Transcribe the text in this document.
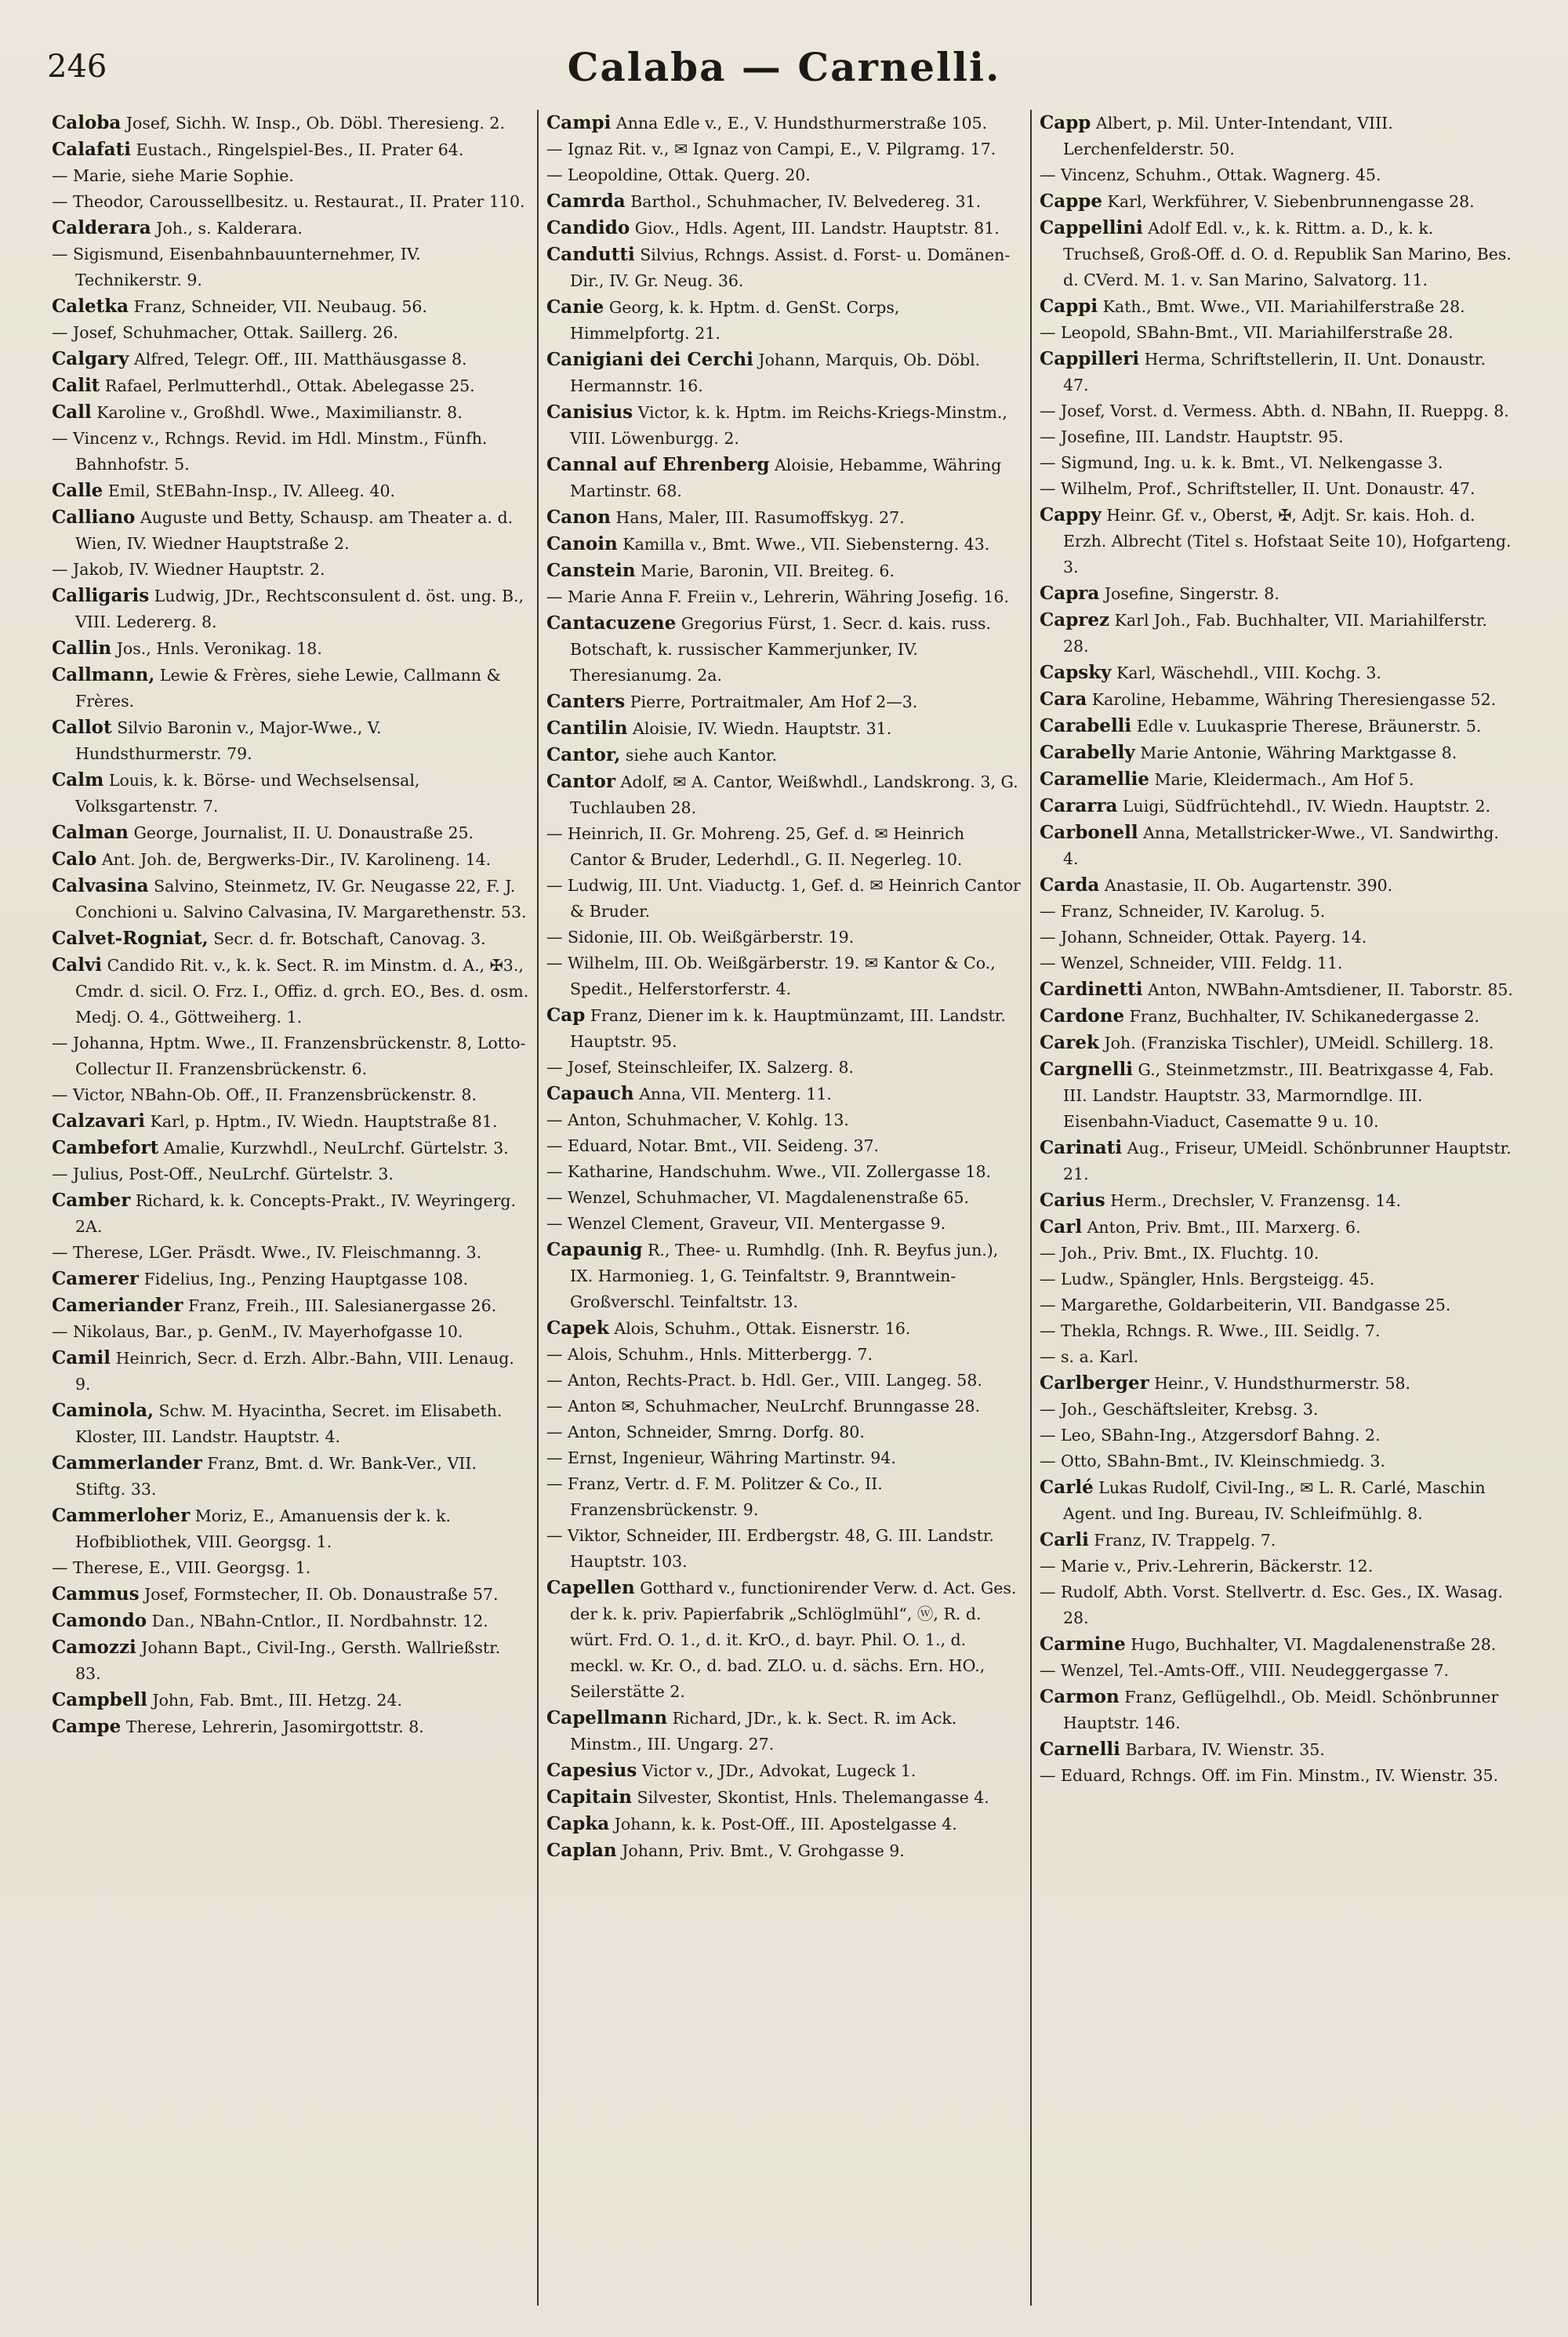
246	Calaba — Carnelli.

Caloba Josef, Sichh. W. Insp., Ob. Döbl. Theresieng. 2.

Calafati Eustach., Ringelspiel-Bes., II. Prater 64.

— Marie, siehe Marie Sophie.

— Theodor, Caroussellbesitz. u. Restaurat., II. Prater 110.

Calderara Joh., s. Kalderara.

— Sigismund, Eisenbahnbauunternehmer, IV. Technikerstr. 9.

Caletka Franz, Schneider, VII. Neubaug. 56.

— Josef, Schuhmacher, Ottak. Saillerg. 26.

Calgary Alfred, Telegr. Off., III. Matthäusgasse 8.

Calit Rafael, Perlmutterhdl., Ottak. Abelegasse 25.

Call Karoline v., Großhdl. Wwe., Maximilianstr. 8.

— Vincenz v., Rchngs. Revid. im Hdl. Minstm., Fünfh. Bahnhofstr. 5.

Calle Emil, StEBahn-Insp., IV. Alleeg. 40.

Calliano Auguste und Betty, Schausp. am Theater a. d. Wien, IV. Wiedner Hauptstraße 2.

— Jakob, IV. Wiedner Hauptstr. 2.

Calligaris Ludwig, JDr., Rechtsconsulent d. öst. ung. B., VIII. Ledererg. 8.

Callin Jos., Hnls. Veronikag. 18.

Callmann, Lewie & Frères, siehe Lewie, Callmann & Frères.

Callot Silvio Baronin v., Major-Wwe., V. Hundsthurmerstr. 79.

Calm Louis, k. k. Börse- und Wechselsensal, Volksgartenstr. 7.

Calman George, Journalist, II. U. Donaustraße 25.

Calo Ant. Joh. de, Bergwerks-Dir., IV. Karolineng. 14.

Calvasina Salvino, Steinmetz, IV. Gr. Neugasse 22, F. J. Conchioni u. Salvino Calvasina, IV. Margarethenstr. 53.

Calvet-Rogniat, Secr. d. fr. Botschaft, Canovag. 3.

Calvi Candido Rit. v., k. k. Sect. R. im Minstm. d. A., ✠3., Cmdr. d. sicil. O. Frz. I., Offiz. d. grch. EO., Bes. d. osm. Medj. O. 4., Göttweiherg. 1.

— Johanna, Hptm. Wwe., II. Franzensbrückenstr. 8, Lotto-Collectur II. Franzensbrückenstr. 6.

— Victor, NBahn-Ob. Off., II. Franzensbrückenstr. 8.

Calzavari Karl, p. Hptm., IV. Wiedn. Hauptstraße 81.

Cambefort Amalie, Kurzwhdl., NeuLrchf. Gürtelstr. 3.

— Julius, Post-Off., NeuLrchf. Gürtelstr. 3.

Camber Richard, k. k. Concepts-Prakt., IV. Weyringerg. 2A.

— Therese, LGer. Präsdt. Wwe., IV. Fleischmanng. 3.

Camerer Fidelius, Ing., Penzing Hauptgasse 108.

Cameriander Franz, Freih., III. Salesianergasse 26.

— Nikolaus, Bar., p. GenM., IV. Mayerhofgasse 10.

Camil Heinrich, Secr. d. Erzh. Albr.-Bahn, VIII. Lenaug. 9.

Caminola, Schw. M. Hyacintha, Secret. im Elisabeth. Kloster, III. Landstr. Hauptstr. 4.

Cammerlander Franz, Bmt. d. Wr. Bank-Ver., VII. Stiftg. 33.

Cammerloher Moriz, E., Amanuensis der k. k. Hofbibliothek, VIII. Georgsg. 1.

— Therese, E., VIII. Georgsg. 1.

Cammus Josef, Formstecher, II. Ob. Donaustraße 57.

Camondo Dan., NBahn-Cntlor., II. Nordbahnstr. 12.

Camozzi Johann Bapt., Civil-Ing., Gersth. Wallrießstr. 83.

Campbell John, Fab. Bmt., III. Hetzg. 24.

Campe Therese, Lehrerin, Jasomirgottstr. 8.

Campi Anna Edle v., E., V. Hundsthurmerstraße 105.

— Ignaz Rit. v., ✉ Ignaz von Campi, E., V. Pilgramg. 17.

— Leopoldine, Ottak. Querg. 20.

Camrda Barthol., Schuhmacher, IV. Belvedereg. 31.

Candido Giov., Hdls. Agent, III. Landstr. Hauptstr. 81.

Candutti Silvius, Rchngs. Assist. d. Forst- u. Domänen-Dir., IV. Gr. Neug. 36.

Canie Georg, k. k. Hptm. d. GenSt. Corps, Himmelpfortg. 21.

Canigiani dei Cerchi Johann, Marquis, Ob. Döbl. Hermannstr. 16.

Canisius Victor, k. k. Hptm. im Reichs-Kriegs-Minstm., VIII. Löwenburgg. 2.

Cannal auf Ehrenberg Aloisie, Hebamme, Währing Martinstr. 68.

Canon Hans, Maler, III. Rasumoffskyg. 27.

Canoin Kamilla v., Bmt. Wwe., VII. Siebensterng. 43.

Canstein Marie, Baronin, VII. Breiteg. 6.

— Marie Anna F. Freiin v., Lehrerin, Währing Josefig. 16.

Cantacuzene Gregorius Fürst, 1. Secr. d. kais. russ. Botschaft, k. russischer Kammerjunker, IV. Theresianumg. 2a.

Canters Pierre, Portraitmaler, Am Hof 2—3.

Cantilin Aloisie, IV. Wiedn. Hauptstr. 31.

Cantor, siehe auch Kantor.

Cantor Adolf, ✉ A. Cantor, Weißwhdl., Landskrong. 3, G. Tuchlauben 28.

— Heinrich, II. Gr. Mohreng. 25, Gef. d. ✉ Heinrich Cantor & Bruder, Lederhdl., G. II. Negerleg. 10.

— Ludwig, III. Unt. Viaductg. 1, Gef. d. ✉ Heinrich Cantor & Bruder.

— Sidonie, III. Ob. Weißgärberstr. 19.

— Wilhelm, III. Ob. Weißgärberstr. 19. ✉ Kantor & Co., Spedit., Helferstorferstr. 4.

Cap Franz, Diener im k. k. Hauptmünzamt, III. Landstr. Hauptstr. 95.

— Josef, Steinschleifer, IX. Salzerg. 8.

Capauch Anna, VII. Menterg. 11.

— Anton, Schuhmacher, V. Kohlg. 13.

— Eduard, Notar. Bmt., VII. Seideng. 37.

— Katharine, Handschuhm. Wwe., VII. Zollergasse 18.

— Wenzel, Schuhmacher, VI. Magdalenenstraße 65.

— Wenzel Clement, Graveur, VII. Mentergasse 9.

Capaunig R., Thee- u. Rumhdlg. (Inh. R. Beyfus jun.), IX. Harmonieg. 1, G. Teinfaltstr. 9, Branntwein-Großverschl. Teinfaltstr. 13.

Capek Alois, Schuhm., Ottak. Eisnerstr. 16.

— Alois, Schuhm., Hnls. Mitterbergg. 7.

— Anton, Rechts-Pract. b. Hdl. Ger., VIII. Langeg. 58.

— Anton ✉, Schuhmacher, NeuLrchf. Brunngasse 28.

— Anton, Schneider, Smrng. Dorfg. 80.

— Ernst, Ingenieur, Währing Martinstr. 94.

— Franz, Vertr. d. F. M. Politzer & Co., II. Franzensbrückenstr. 9.

— Viktor, Schneider, III. Erdbergstr. 48, G. III. Landstr. Hauptstr. 103.

Capellen Gotthard v., functionirender Verw. d. Act. Ges. der k. k. priv. Papierfabrik „Schlöglmühl“, ⓦ, R. d. würt. Frd. O. 1., d. it. KrO., d. bayr. Phil. O. 1., d. meckl. w. Kr. O., d. bad. ZLO. u. d. sächs. Ern. HO., Seilerstätte 2.

Capellmann Richard, JDr., k. k. Sect. R. im Ack. Minstm., III. Ungarg. 27.

Capesius Victor v., JDr., Advokat, Lugeck 1.

Capitain Silvester, Skontist, Hnls. Thelemangasse 4.

Capka Johann, k. k. Post-Off., III. Apostelgasse 4.

Caplan Johann, Priv. Bmt., V. Grohgasse 9.

Capp Albert, p. Mil. Unter-Intendant, VIII. Lerchenfelderstr. 50.

— Vincenz, Schuhm., Ottak. Wagnerg. 45.

Cappe Karl, Werkführer, V. Siebenbrunnengasse 28.

Cappellini Adolf Edl. v., k. k. Rittm. a. D., k. k. Truchseß, Groß-Off. d. O. d. Republik San Marino, Bes. d. CVerd. M. 1. v. San Marino, Salvatorg. 11.

Cappi Kath., Bmt. Wwe., VII. Mariahilferstraße 28.

— Leopold, SBahn-Bmt., VII. Mariahilferstraße 28.

Cappilleri Herma, Schriftstellerin, II. Unt. Donaustr. 47.

— Josef, Vorst. d. Vermess. Abth. d. NBahn, II. Rueppg. 8.

— Josefine, III. Landstr. Hauptstr. 95.

— Sigmund, Ing. u. k. k. Bmt., VI. Nelkengasse 3.

— Wilhelm, Prof., Schriftsteller, II. Unt. Donaustr. 47.

Cappy Heinr. Gf. v., Oberst, ✠, Adjt. Sr. kais. Hoh. d. Erzh. Albrecht (Titel s. Hofstaat Seite 10), Hofgarteng. 3.

Capra Josefine, Singerstr. 8.

Caprez Karl Joh., Fab. Buchhalter, VII. Mariahilferstr. 28.

Capsky Karl, Wäschehdl., VIII. Kochg. 3.

Cara Karoline, Hebamme, Währing Theresiengasse 52.

Carabelli Edle v. Luukasprie Therese, Bräunerstr. 5.

Carabelly Marie Antonie, Währing Marktgasse 8.

Caramellie Marie, Kleidermach., Am Hof 5.

Cararra Luigi, Südfrüchtehdl., IV. Wiedn. Hauptstr. 2.

Carbonell Anna, Metallstricker-Wwe., VI. Sandwirthg. 4.

Carda Anastasie, II. Ob. Augartenstr. 390.

— Franz, Schneider, IV. Karolug. 5.

— Johann, Schneider, Ottak. Payerg. 14.

— Wenzel, Schneider, VIII. Feldg. 11.

Cardinetti Anton, NWBahn-Amtsdiener, II. Taborstr. 85.

Cardone Franz, Buchhalter, IV. Schikanedergasse 2.

Carek Joh. (Franziska Tischler), UMeidl. Schillerg. 18.

Cargnelli G., Steinmetzmstr., III. Beatrixgasse 4, Fab. III. Landstr. Hauptstr. 33, Marmorndlge. III. Eisenbahn-Viaduct, Casematte 9 u. 10.

Carinati Aug., Friseur, UMeidl. Schönbrunner Hauptstr. 21.

Carius Herm., Drechsler, V. Franzensg. 14.

Carl Anton, Priv. Bmt., III. Marxerg. 6.

— Joh., Priv. Bmt., IX. Fluchtg. 10.

— Ludw., Spängler, Hnls. Bergsteigg. 45.

— Margarethe, Goldarbeiterin, VII. Bandgasse 25.

— Thekla, Rchngs. R. Wwe., III. Seidlg. 7.

— s. a. Karl.

Carlberger Heinr., V. Hundsthurmerstr. 58.

— Joh., Geschäftsleiter, Krebsg. 3.

— Leo, SBahn-Ing., Atzgersdorf Bahng. 2.

— Otto, SBahn-Bmt., IV. Kleinschmiedg. 3.

Carlé Lukas Rudolf, Civil-Ing., ✉ L. R. Carlé, Maschin Agent. und Ing. Bureau, IV. Schleifmühlg. 8.

Carli Franz, IV. Trappelg. 7.

— Marie v., Priv.-Lehrerin, Bäckerstr. 12.

— Rudolf, Abth. Vorst. Stellvertr. d. Esc. Ges., IX. Wasag. 28.

Carmine Hugo, Buchhalter, VI. Magdalenenstraße 28.

— Wenzel, Tel.-Amts-Off., VIII. Neudeggergasse 7.

Carmon Franz, Geflügelhdl., Ob. Meidl. Schönbrunner Hauptstr. 146.

Carnelli Barbara, IV. Wienstr. 35.

— Eduard, Rchngs. Off. im Fin. Minstm., IV. Wienstr. 35.
